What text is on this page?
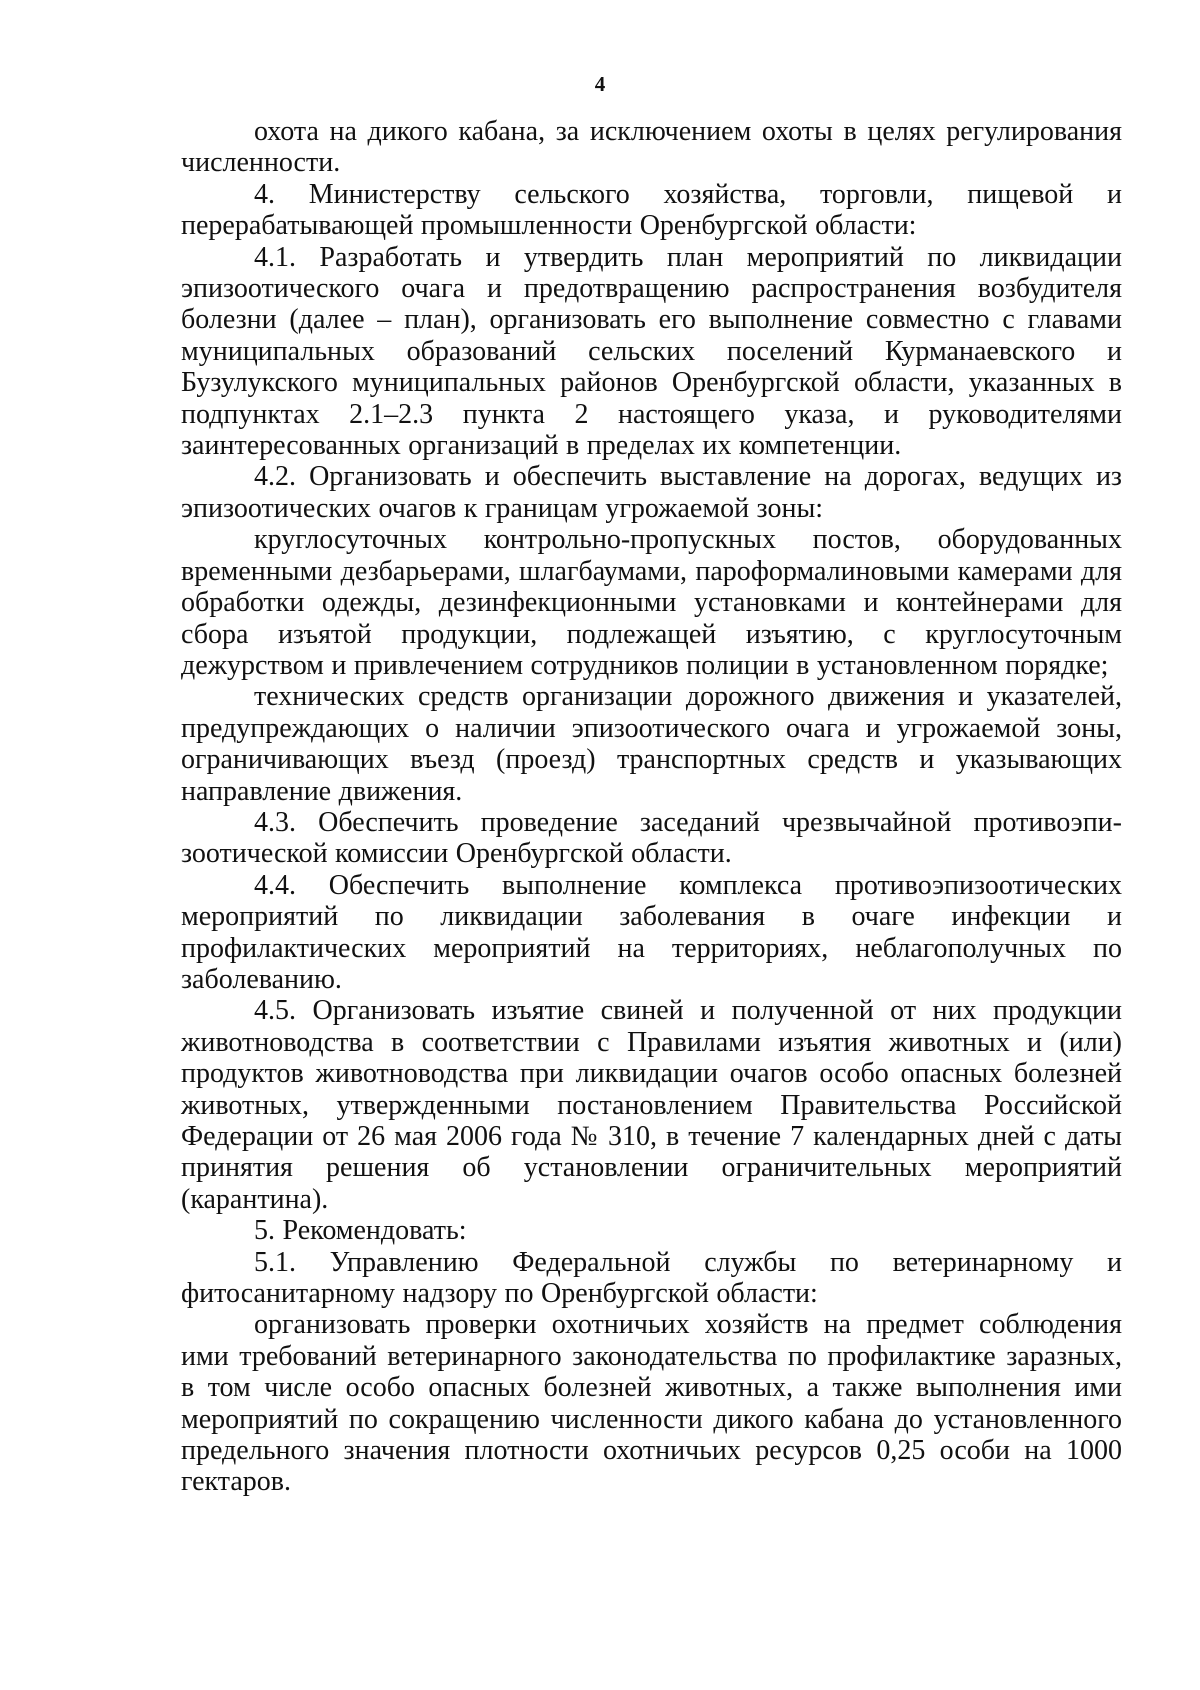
4

охота на дикого кабана, за исключением охоты в целях регулирования численности.

4. Министерству сельского хозяйства, торговли, пищевой и перерабатывающей промышленности Оренбургской области:

4.1. Разработать и утвердить план мероприятий по ликвидации эпизоотического очага и предотвращению распространения возбудителя болезни (далее – план), организовать его выполнение совместно с главами муниципальных образований сельских поселений Курманаевского и Бузулукского муниципальных районов Оренбургской области, указанных в подпунктах 2.1–2.3 пункта 2 настоящего указа, и руководителями заинтересованных организаций в пределах их компетенции.

4.2. Организовать и обеспечить выставление на дорогах, ведущих из эпизоотических очагов к границам угрожаемой зоны:

круглосуточных контрольно-пропускных постов, оборудованных временными дезбарьерами, шлагбаумами, пароформалиновыми камерами для обработки одежды, дезинфекционными установками и контейнерами для сбора изъятой продукции, подлежащей изъятию, с круглосуточным дежурством и привлечением сотрудников полиции в установленном порядке;

технических средств организации дорожного движения и указателей, предупреждающих о наличии эпизоотического очага и угрожаемой зоны, ограничивающих въезд (проезд) транспортных средств и указывающих направление движения.

4.3. Обеспечить проведение заседаний чрезвычайной противоэпизоотической комиссии Оренбургской области.

4.4. Обеспечить выполнение комплекса противоэпизоотических мероприятий по ликвидации заболевания в очаге инфекции и профилактических мероприятий на территориях, неблагополучных по заболеванию.

4.5. Организовать изъятие свиней и полученной от них продукции животноводства в соответствии с Правилами изъятия животных и (или) продуктов животноводства при ликвидации очагов особо опасных болезней животных, утвержденными постановлением Правительства Российской Федерации от 26 мая 2006 года № 310, в течение 7 календарных дней с даты принятия решения об установлении ограничительных мероприятий (карантина).

5. Рекомендовать:

5.1. Управлению Федеральной службы по ветеринарному и фитосанитарному надзору по Оренбургской области:

организовать проверки охотничьих хозяйств на предмет соблюдения ими требований ветеринарного законодательства по профилактике заразных, в том числе особо опасных болезней животных, а также выполнения ими мероприятий по сокращению численности дикого кабана до установленного предельного значения плотности охотничьих ресурсов 0,25 особи на 1000 гектаров.
